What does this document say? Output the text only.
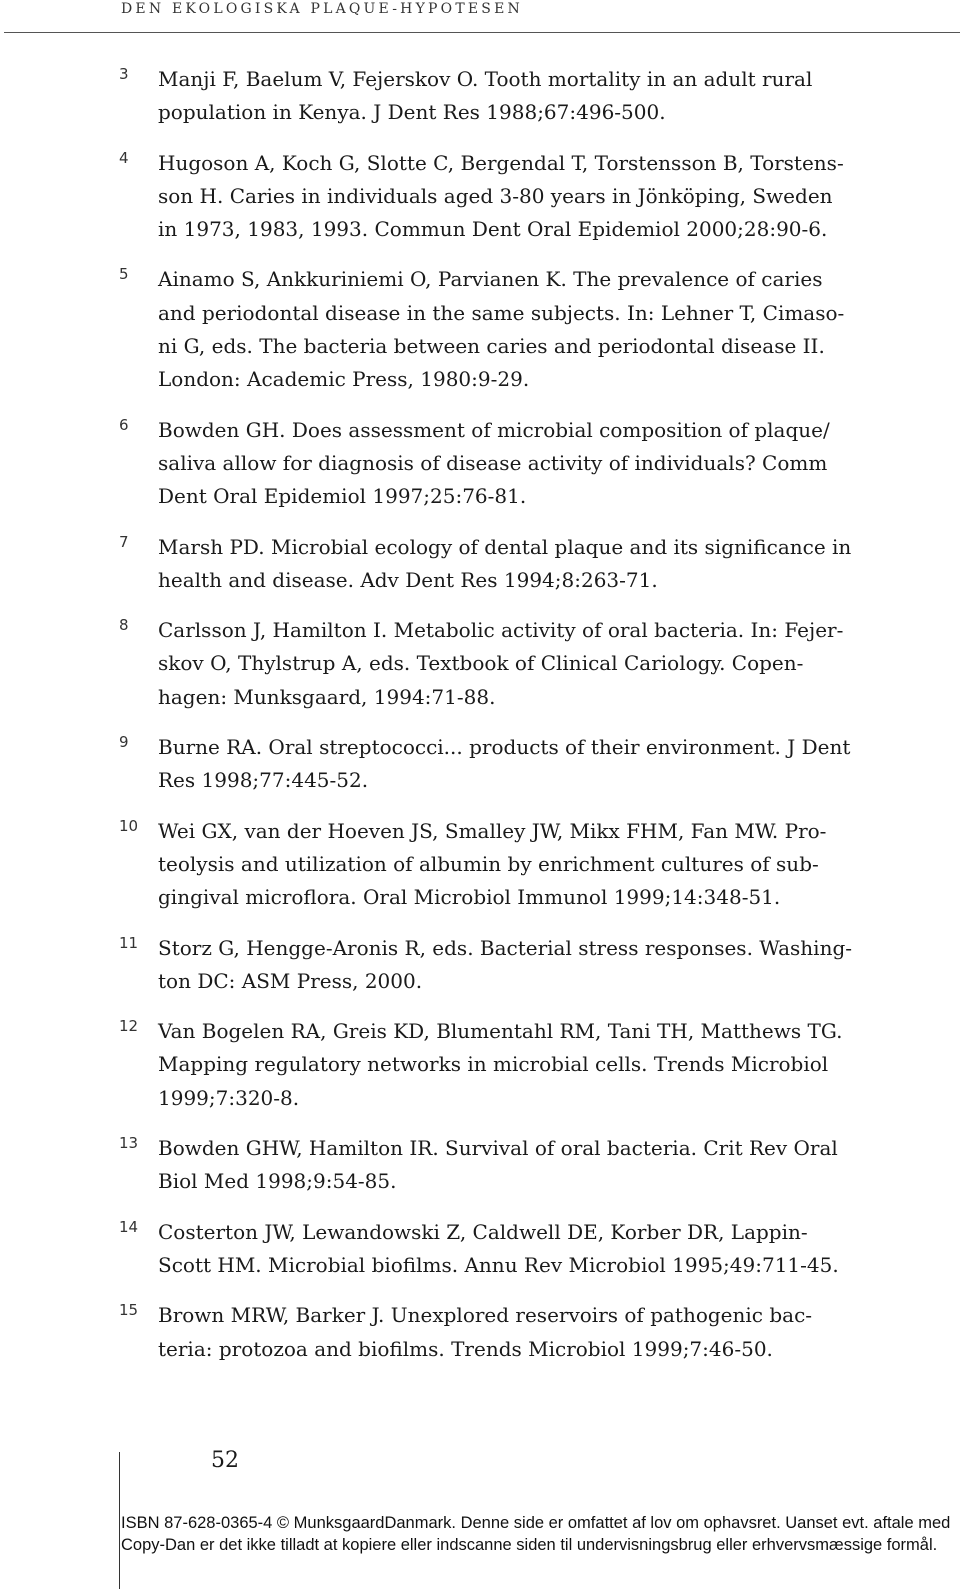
DEN EKOLOGISKA PLAQUE-HYPOTESEN
3 Manji F, Baelum V, Fejerskov O. Tooth mortality in an adult rural
population in Kenya. J Dent Res 1988;67:496-500.
4 Hugoson A, Koch G, Slotte C, Bergendal T, Torstensson B, Torstens-
son H. Caries in individuals aged 3-80 years in Jönköping, Sweden
in 1973, 1983, 1993. Commun Dent Oral Epidemiol 2000;28:90-6.
5 Ainamo S, Ankkuriniemi O, Parvianen K. The prevalence of caries
and periodontal disease in the same subjects. In: Lehner T, Cimaso-
ni G, eds. The bacteria between caries and periodontal disease II.
London: Academic Press, 1980:9-29.
6 Bowden GH. Does assessment of microbial composition of plaque/
saliva allow for diagnosis of disease activity of individuals? Comm
Dent Oral Epidemiol 1997;25:76-81.
7 Marsh PD. Microbial ecology of dental plaque and its significance in
health and disease. Adv Dent Res 1994;8:263-71.
8 Carlsson J, Hamilton I. Metabolic activity of oral bacteria. In: Fejer-
skov O, Thylstrup A, eds. Textbook of Clinical Cariology. Copen-
hagen: Munksgaard, 1994:71-88.
9 Burne RA. Oral streptococci... products of their environment. J Dent
Res 1998;77:445-52.
10 Wei GX, van der Hoeven JS, Smalley JW, Mikx FHM, Fan MW. Pro-
teolysis and utilization of albumin by enrichment cultures of sub-
gingival microflora. Oral Microbiol Immunol 1999;14:348-51.
11 Storz G, Hengge-Aronis R, eds. Bacterial stress responses. Washing-
ton DC: ASM Press, 2000.
12 Van Bogelen RA, Greis KD, Blumentahl RM, Tani TH, Matthews TG.
Mapping regulatory networks in microbial cells. Trends Microbiol
1999;7:320-8.
13 Bowden GHW, Hamilton IR. Survival of oral bacteria. Crit Rev Oral
Biol Med 1998;9:54-85.
14 Costerton JW, Lewandowski Z, Caldwell DE, Korber DR, Lappin-
Scott HM. Microbial biofilms. Annu Rev Microbiol 1995;49:711-45.
15 Brown MRW, Barker J. Unexplored reservoirs of pathogenic bac-
teria: protozoa and biofilms. Trends Microbiol 1999;7:46-50.
52
ISBN 87-628-0365-4 © MunksgaardDanmark. Denne side er omfattet af lov om ophavsret. Uanset evt. aftale med
Copy-Dan er det ikke tilladt at kopiere eller indscanne siden til undervisningsbrug eller erhvervsmæssige formål.
